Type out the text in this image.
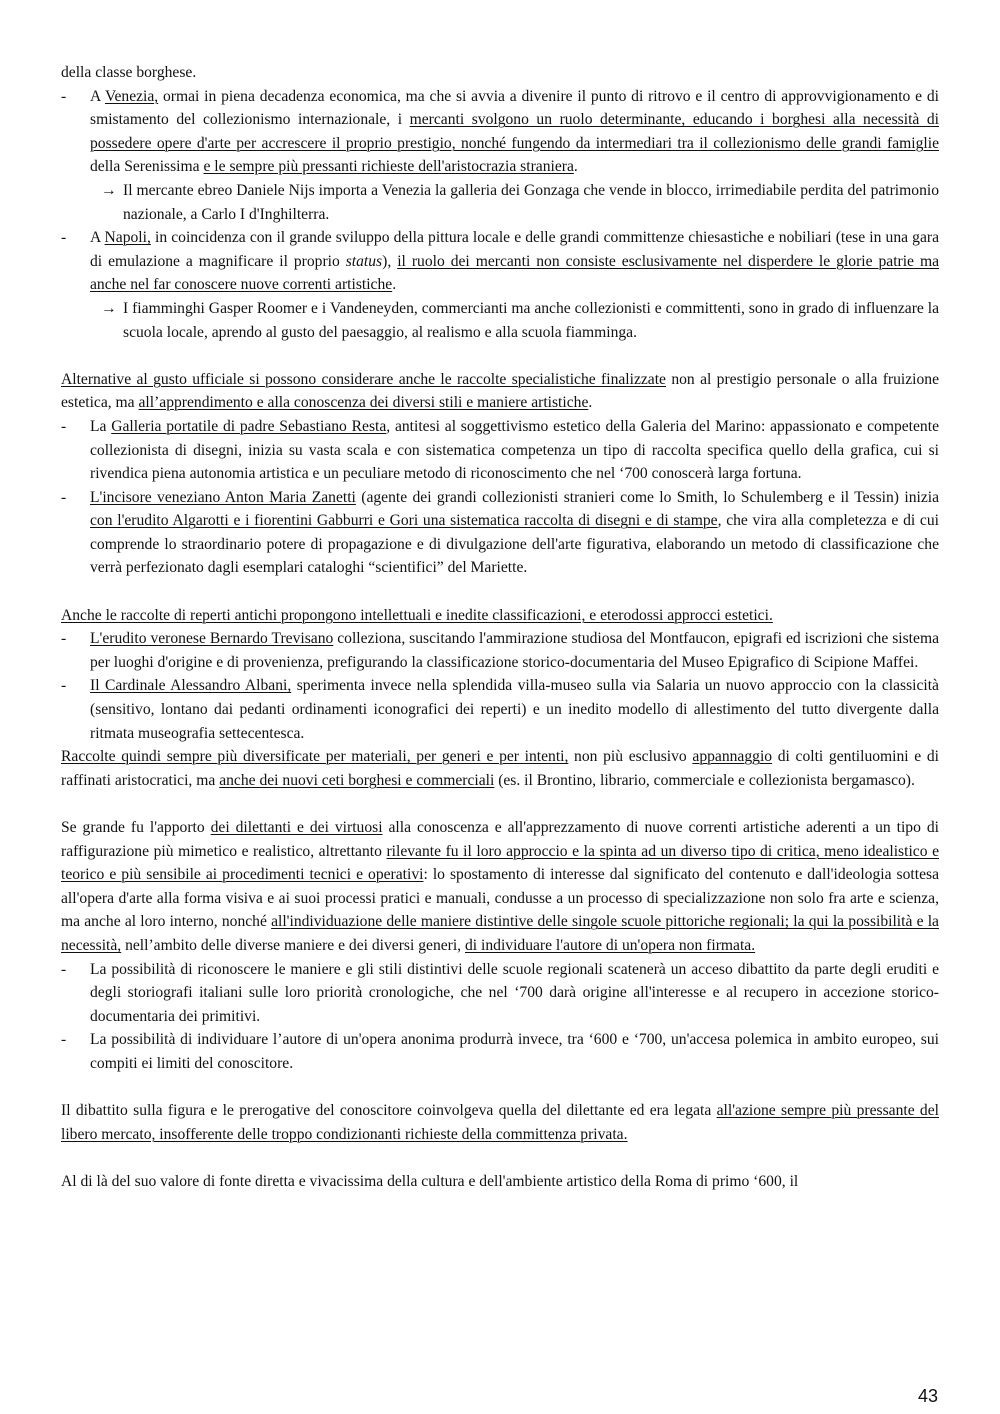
della classe borghese.

- A Venezia, ormai in piena decadenza economica, ma che si avvia a divenire il punto di ritrovo e il centro di approvvigionamento e di smistamento del collezionismo internazionale, i mercanti svolgono un ruolo determinante, educando i borghesi alla necessità di possedere opere d'arte per accrescere il proprio prestigio, nonché fungendo da intermediari tra il collezionismo delle grandi famiglie della Serenissima e le sempre più pressanti richieste dell'aristocrazia straniera.
→ Il mercante ebreo Daniele Nijs importa a Venezia la galleria dei Gonzaga che vende in blocco, irrimediabile perdita del patrimonio nazionale, a Carlo I d'Inghilterra.
- A Napoli, in coincidenza con il grande sviluppo della pittura locale e delle grandi committenze chiesastiche e nobiliari (tese in una gara di emulazione a magnificare il proprio status), il ruolo dei mercanti non consiste esclusivamente nel disperdere le glorie patrie ma anche nel far conoscere nuove correnti artistiche.
→ I fiamminghi Gasper Roomer e i Vandeneyden, commercianti ma anche collezionisti e committenti, sono in grado di influenzare la scuola locale, aprendo al gusto del paesaggio, al realismo e alla scuola fiamminga.

Alternative al gusto ufficiale si possono considerare anche le raccolte specialistiche finalizzate non al prestigio personale o alla fruizione estetica, ma all’apprendimento e alla conoscenza dei diversi stili e maniere artistiche.

- La Galleria portatile di padre Sebastiano Resta, antitesi al soggettivismo estetico della Galeria del Marino: appassionato e competente collezionista di disegni, inizia su vasta scala e con sistematica competenza un tipo di raccolta specifica quello della grafica, cui si rivendica piena autonomia artistica e un peculiare metodo di riconoscimento che nel ‘700 conoscerà larga fortuna.
- L'incisore veneziano Anton Maria Zanetti (agente dei grandi collezionisti stranieri come lo Smith, lo Schulemberg e il Tessin) inizia con l'erudito Algarotti e i fiorentini Gabburri e Gori una sistematica raccolta di disegni e di stampe, che vira alla completezza e di cui comprende lo straordinario potere di propagazione e di divulgazione dell'arte figurativa, elaborando un metodo di classificazione che verrà perfezionato dagli esemplari cataloghi “scientifici” del Mariette.

Anche le raccolte di reperti antichi propongono intellettuali e inedite classificazioni, e eterodossi approcci estetici.

- L'erudito veronese Bernardo Trevisano colleziona, suscitando l'ammirazione studiosa del Montfaucon, epigrafi ed iscrizioni che sistema per luoghi d'origine e di provenienza, prefigurando la classificazione storico-documentaria del Museo Epigrafico di Scipione Maffei.
- Il Cardinale Alessandro Albani, sperimenta invece nella splendida villa-museo sulla via Salaria un nuovo approccio con la classicità (sensitivo, lontano dai pedanti ordinamenti iconografici dei reperti) e un inedito modello di allestimento del tutto divergente dalla ritmata museografia settecentesca.

Raccolte quindi sempre più diversificate per materiali, per generi e per intenti, non più esclusivo appannaggio di colti gentiluomini e di raffinati aristocratici, ma anche dei nuovi ceti borghesi e commerciali (es. il Brontino, librario, commerciale e collezionista bergamasco).

Se grande fu l'apporto dei dilettanti e dei virtuosi alla conoscenza e all'apprezzamento di nuove correnti artistiche aderenti a un tipo di raffigurazione più mimetico e realistico, altrettanto rilevante fu il loro approccio e la spinta ad un diverso tipo di critica, meno idealistico e teorico e più sensibile ai procedimenti tecnici e operativi: lo spostamento di interesse dal significato del contenuto e dall'ideologia sottesa all'opera d'arte alla forma visiva e ai suoi processi pratici e manuali, condusse a un processo di specializzazione non solo fra arte e scienza, ma anche al loro interno, nonché all'individuazione delle maniere distintive delle singole scuole pittoriche regionali; la qui la possibilità e la necessità, nell’ambito delle diverse maniere e dei diversi generi, di individuare l'autore di un'opera non firmata.

- La possibilità di riconoscere le maniere e gli stili distintivi delle scuole regionali scatenerà un acceso dibattito da parte degli eruditi e degli storiografi italiani sulle loro priorità cronologiche, che nel ‘700 darà origine all'interesse e al recupero in accezione storico-documentaria dei primitivi.
- La possibilità di individuare l’autore di un'opera anonima produrrà invece, tra ‘600 e ‘700, un'accesa polemica in ambito europeo, sui compiti ei limiti del conoscitore.

Il dibattito sulla figura e le prerogative del conoscitore coinvolgeva quella del dilettante ed era legata all'azione sempre più pressante del libero mercato, insofferente delle troppo condizionanti richieste della committenza privata.

Al di là del suo valore di fonte diretta e vivacissima della cultura e dell'ambiente artistico della Roma di primo ‘600, il

43
